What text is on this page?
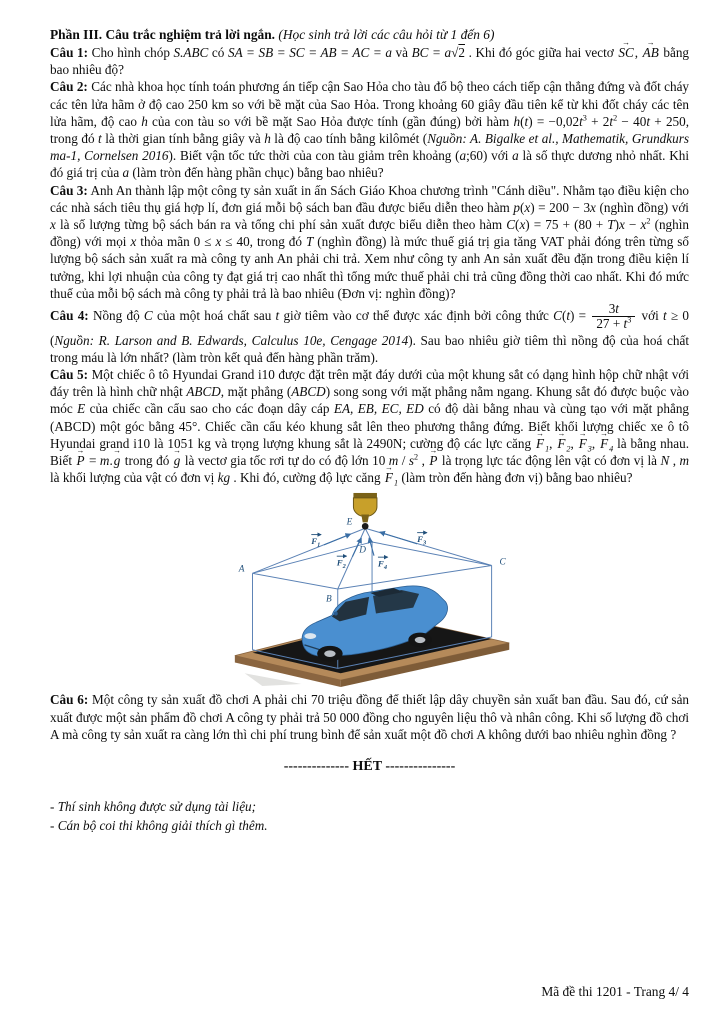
Phần III. Câu trắc nghiệm trả lời ngắn. (Học sinh trả lời các câu hỏi từ 1 đến 6)

Câu 1: Cho hình chóp S.ABC có SA = SB = SC = AB = AC = a và BC = a√2 . Khi đó góc giữa hai vectơ SC →, AB → bằng bao nhiêu độ?

Câu 2: Các nhà khoa học tính toán phương án tiếp cận Sao Hỏa cho tàu đổ bộ theo cách tiếp cận thẳng đứng và đốt cháy các tên lửa hãm ở độ cao 250 km so với bề mặt của Sao Hỏa. Trong khoảng 60 giây đầu tiên kể từ khi đốt cháy các tên lửa hãm, độ cao h của con tàu so với bề mặt Sao Hỏa được tính (gần đúng) bởi hàm $h(t) = -0,02t^3 + 2t^2 - 40t + 250$, trong đó t là thời gian tính bằng giây và h là độ cao tính bằng kilômét (Nguồn: A. Bigalke et al., Mathematik, Grundkurs ma-1, Cornelsen 2016). Biết vận tốc tức thời của con tàu giảm trên khoảng (a;60) với a là số thực dương nhỏ nhất. Khi đó giá trị của a (làm tròn đến hàng phần chục) bằng bao nhiêu?

Câu 3: Anh An thành lập một công ty sản xuất in ấn Sách Giáo Khoa chương trình "Cánh diều". Nhằm tạo điều kiện cho các nhà sách tiêu thụ giá hợp lí, đơn giá mỗi bộ sách ban đầu được biểu diễn theo hàm p(x) = 200 − 3x (nghìn đồng) với x là số lượng từng bộ sách bán ra và tổng chi phí sản xuất được biểu diễn theo hàm $C(x) = 75 + (80 + T)x - x^2$ (nghìn đồng) với mọi x thỏa mãn 0 ≤ x ≤ 40, trong đó T (nghìn đồng) là mức thuế giá trị gia tăng VAT phải đóng trên từng số lượng bộ sách sản xuất ra mà công ty anh An phải chi trả. Xem như công ty anh An sản xuất đều đặn trong điều kiện lí tưởng, khi lợi nhuận của công ty đạt giá trị cao nhất thì tổng mức thuế phải chi trả cũng đồng thời cao nhất. Khi đó mức thuế của mỗi bộ sách mà công ty phải trả là bao nhiêu (Đơn vị: nghìn đồng)?

Câu 4: Nồng độ C của một hoá chất sau t giờ tiêm vào cơ thể được xác định bởi công thức $C(t) = \frac{3t}{27 + t^3}$ với t ≥ 0 (Nguồn: R. Larson and B. Edwards, Calculus 10e, Cengage 2014). Sau bao nhiêu giờ tiêm thì nồng độ của hoá chất trong máu là lớn nhất? (làm tròn kết quả đến hàng phần trăm).

Câu 5: Một chiếc ô tô Hyundai Grand i10 được đặt trên mặt đáy dưới của một khung sắt có dạng hình hộp chữ nhật với đáy trên là hình chữ nhật ABCD, mặt phẳng (ABCD) song song với mặt phẳng nằm ngang. Khung sắt đó được buộc vào móc E của chiếc cần cẩu sao cho các đoạn dây cáp EA, EB, EC, ED có độ dài bằng nhau và cùng tạo với mặt phẳng (ABCD) một góc bằng 45°. Chiếc cần cẩu kéo khung sắt lên theo phương thẳng đứng. Biết khối lượng chiếc xe ô tô Hyundai grand i10 là 1051 kg và trọng lượng khung sắt là 2490N; cường độ các lực căng $F \to_1$, $F \to_2$, $F \to_3$, $F \to_4$ là bằng nhau. Biết P → = m.g → trong đó g → là vectơ gia tốc rơi tự do có độ lớn 10 m / $s^2$ , P → là trọng lực tác động lên vật có đơn vị là N , m là khối lượng của vật có đơn vị kg . Khi đó, cường độ lực căng $F \to_1$ (làm tròn đến hàng đơn vị) bằng bao nhiêu?

E
A
B
C
D
$F_1$
$F_2$
$F_3$
$F_4$

Câu 6: Một công ty sản xuất đồ chơi A phải chi 70 triệu đồng để thiết lập dây chuyền sản xuất ban đầu. Sau đó, cứ sản xuất được một sản phẩm đồ chơi A công ty phải trả 50 000 đồng cho nguyên liệu thô và nhân công. Khi số lượng đồ chơi A mà công ty sản xuất ra càng lớn thì chi phí trung bình để sản xuất một đồ chơi A không dưới bao nhiêu nghìn đồng ?

-------------- HẾT ---------------

- Thí sinh không được sử dụng tài liệu;

- Cán bộ coi thi không giải thích gì thêm.

Mã đề thi 1201 - Trang 4/ 4
